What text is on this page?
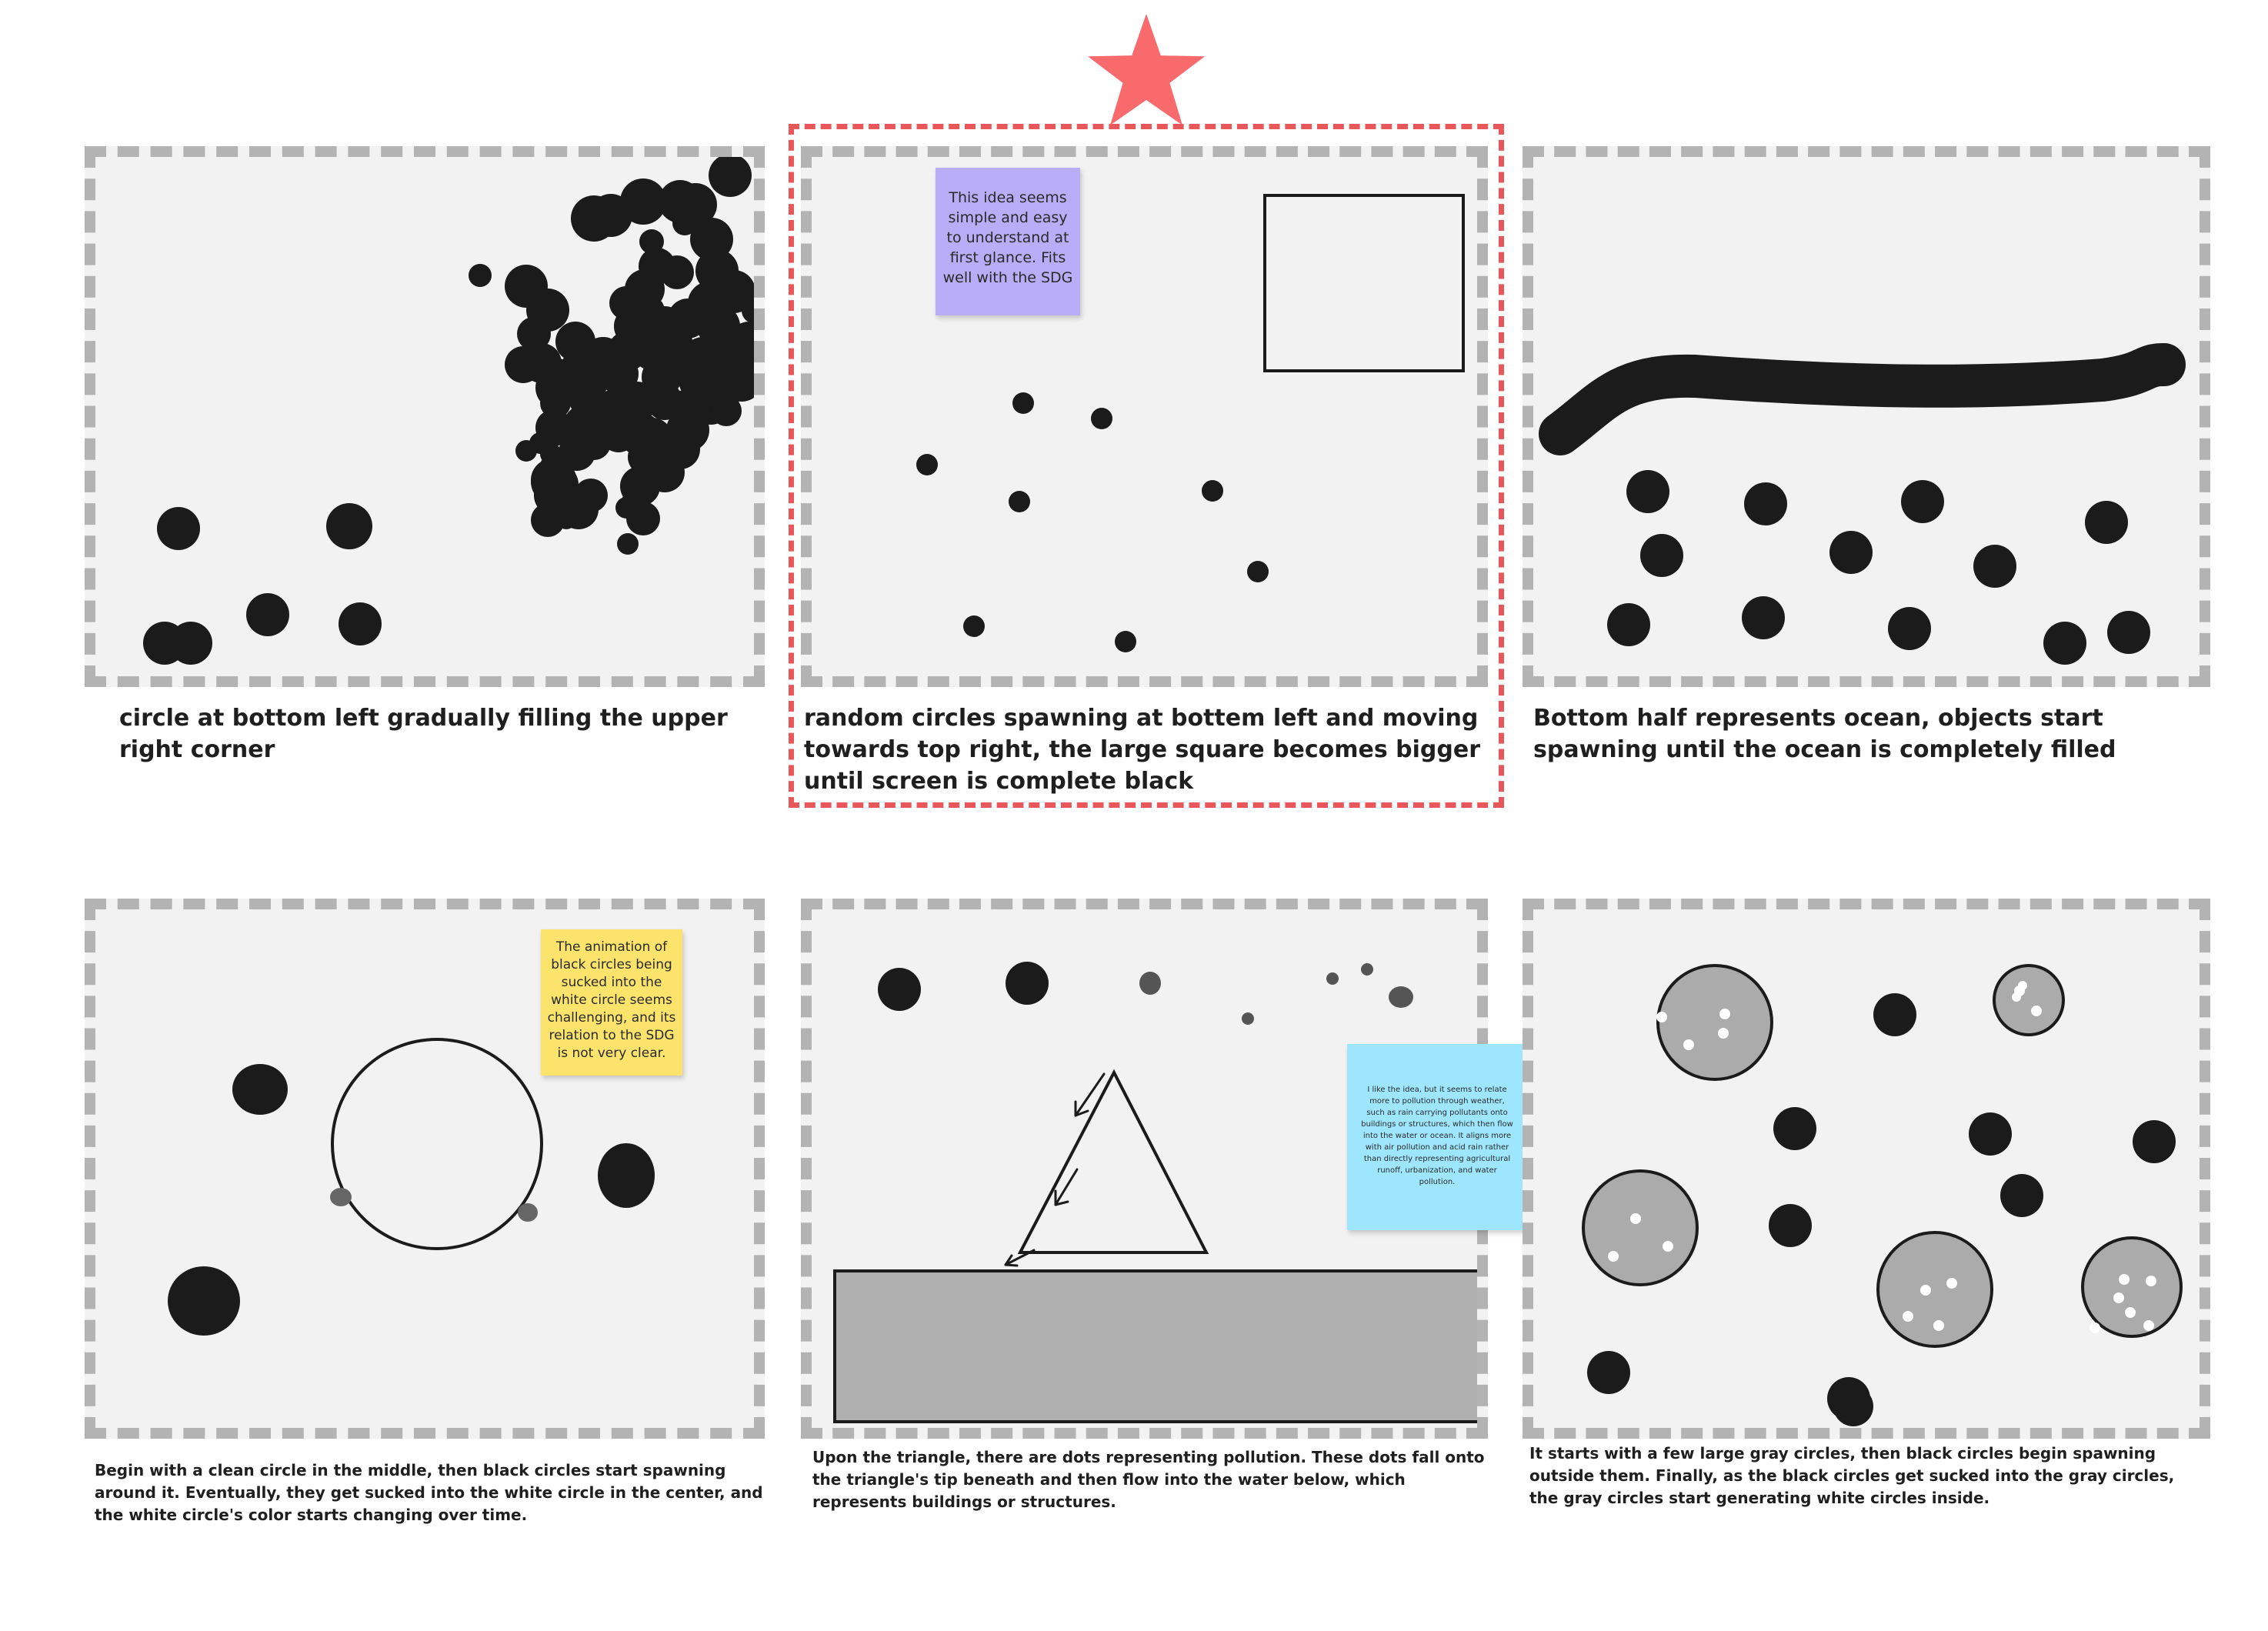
circle at bottom left gradually filling the upper right corner
random circles spawning at bottem left and moving towards top right, the large square becomes bigger until screen is complete black
Bottom half represents ocean, objects start spawning until the ocean is completely filled
This idea seems
simple and easy
to understand at
first glance. Fits
well with the SDG
Begin with a clean circle in the middle, then black circles start spawning around it. Eventually, they get sucked into the white circle in the center, and the white circle's color starts changing over time.
The animation of
black circles being
sucked into the
white circle seems
challenging, and its
relation to the SDG
is not very clear.
Upon the triangle, there are dots representing pollution. These dots fall onto the triangle's tip beneath and then flow into the water below, which represents buildings or structures.
I like the idea, but it seems to relate
more to pollution through weather,
such as rain carrying pollutants onto
buildings or structures, which then flow
into the water or ocean. It aligns more
with air pollution and acid rain rather
than directly representing agricultural
runoff, urbanization, and water
pollution.
It starts with a few large gray circles, then black circles begin spawning outside them. Finally, as the black circles get sucked into the gray circles, the gray circles start generating white circles inside.
